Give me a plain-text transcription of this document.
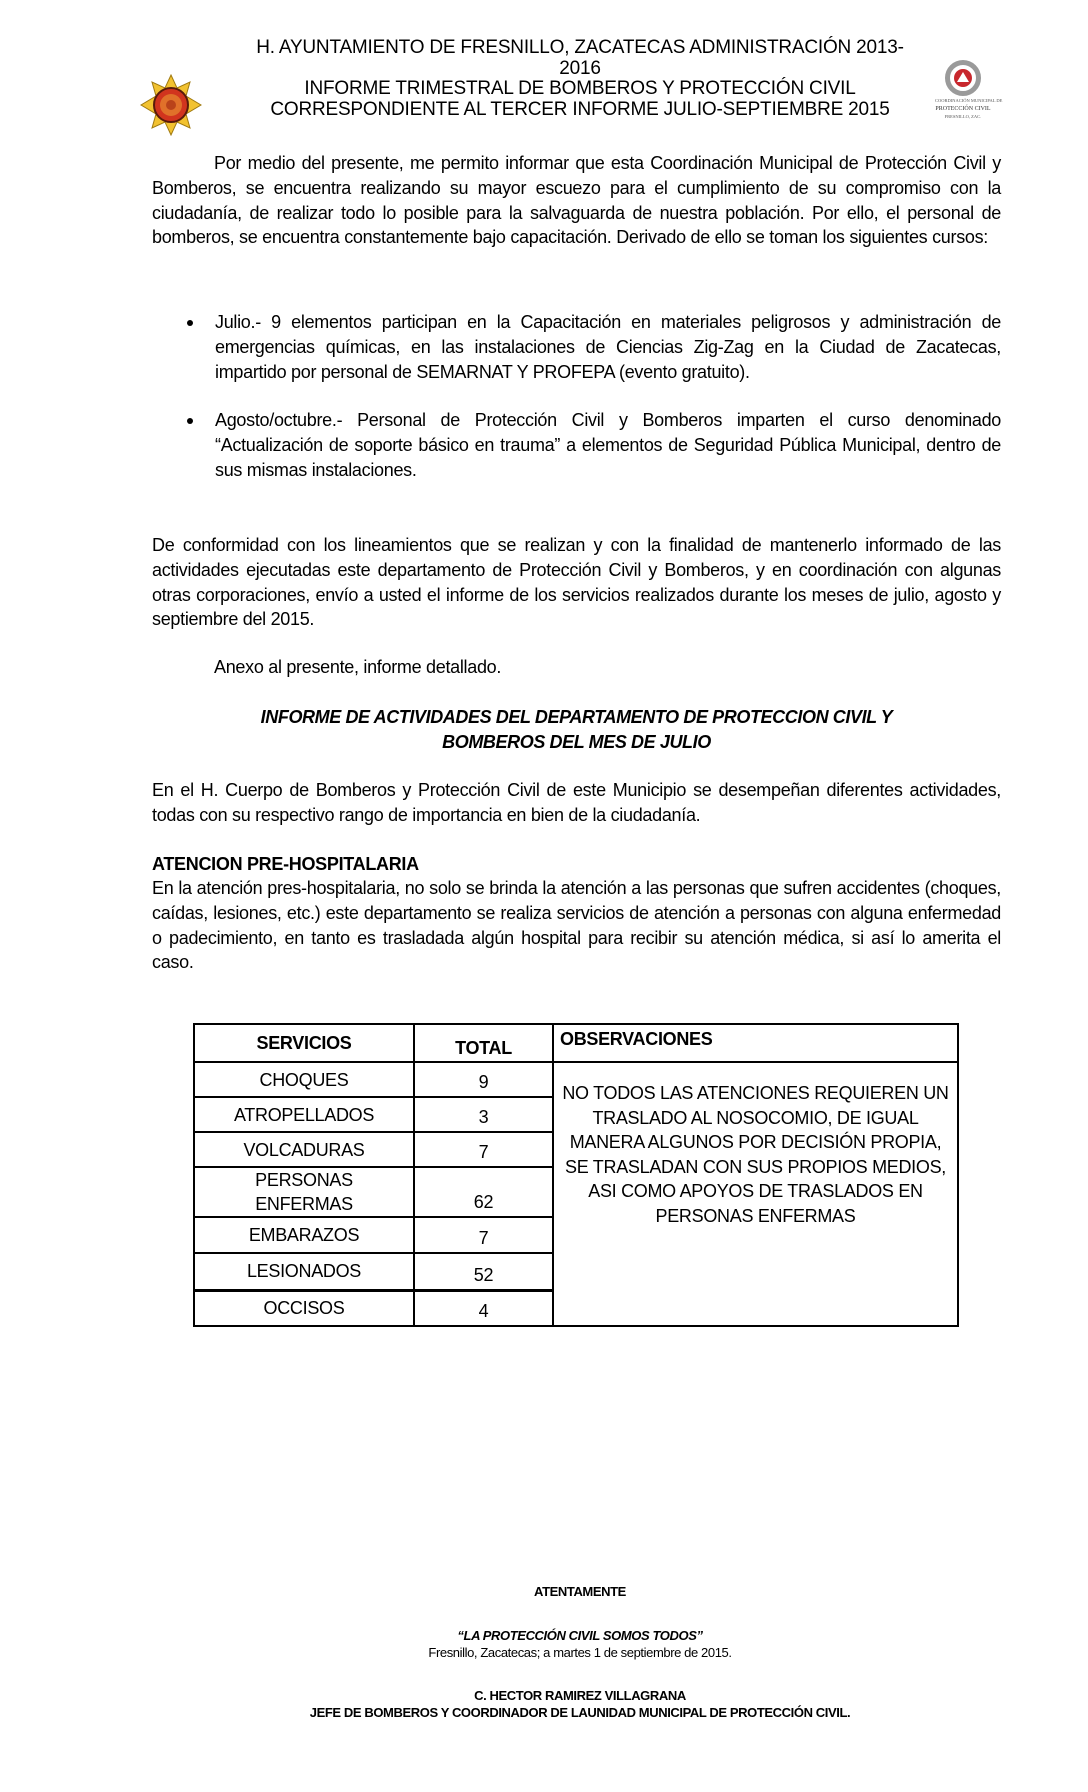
H. AYUNTAMIENTO DE FRESNILLO, ZACATECAS ADMINISTRACIÓN 2013-
2016
INFORME TRIMESTRAL DE BOMBEROS Y PROTECCIÓN CIVIL
CORRESPONDIENTE AL TERCER INFORME JULIO-SEPTIEMBRE 2015	COORDINACIÓN MUNICIPAL DE
PROTECCIÓN CIVIL
FRESNILLO, ZAC.

Por medio del presente, me permito informar que esta Coordinación Municipal de Protección Civil y Bomberos, se encuentra realizando su mayor escuezo para el cumplimiento de su compromiso con la ciudadanía, de realizar todo lo posible para la salvaguarda de nuestra población. Por ello, el personal de bomberos, se encuentra constantemente bajo capacitación. Derivado de ello se toman los siguientes cursos:

Julio.- 9 elementos participan en la Capacitación en materiales peligrosos y administración de emergencias químicas, en las instalaciones de Ciencias Zig-Zag en la Ciudad de Zacatecas, impartido por personal de SEMARNAT Y PROFEPA (evento gratuito).
Agosto/octubre.- Personal de Protección Civil y Bomberos imparten el curso denominado “Actualización de soporte básico en trauma” a elementos de Seguridad Pública Municipal, dentro de sus mismas instalaciones.

De conformidad con los lineamientos que se realizan y con la finalidad de mantenerlo informado de las actividades ejecutadas este departamento de Protección Civil y Bomberos, y en coordinación con algunas otras corporaciones, envío a usted el informe de los servicios realizados durante los meses de julio, agosto y septiembre del 2015.

Anexo al presente, informe detallado.

INFORME DE ACTIVIDADES DEL DEPARTAMENTO DE PROTECCION CIVIL Y
BOMBEROS DEL MES DE JULIO

En el H. Cuerpo de Bomberos y Protección Civil de este Municipio se desempeñan diferentes actividades, todas con su respectivo rango de importancia en bien de la ciudadanía.

ATENCION PRE-HOSPITALARIA

En la atención pres-hospitalaria, no solo se brinda la atención a las personas que sufren accidentes (choques, caídas, lesiones, etc.) este departamento se realiza servicios de atención a personas con alguna enfermedad o padecimiento, en tanto es trasladada algún hospital para recibir su atención médica, si así lo amerita el caso.

SERVICIOS	TOTAL	OBSERVACIONES
CHOQUES	9	NO TODOS LAS ATENCIONES REQUIEREN UN TRASLADO AL NOSOCOMIO, DE IGUAL MANERA ALGUNOS POR DECISIÓN PROPIA, SE TRASLADAN CON SUS PROPIOS MEDIOS, ASI COMO APOYOS DE TRASLADOS EN PERSONAS ENFERMAS
ATROPELLADOS	3	
VOLCADURAS	7	
PERSONAS ENFERMAS	62	
EMBARAZOS	7	
LESIONADOS	52	
OCCISOS	4	
ATENTAMENTE
“LA PROTECCIÓN CIVIL SOMOS TODOS”
Fresnillo, Zacatecas; a martes 1 de septiembre de 2015.
C. HECTOR RAMIREZ VILLAGRANA
JEFE DE BOMBEROS Y COORDINADOR DE LAUNIDAD MUNICIPAL DE PROTECCIÓN CIVIL.
